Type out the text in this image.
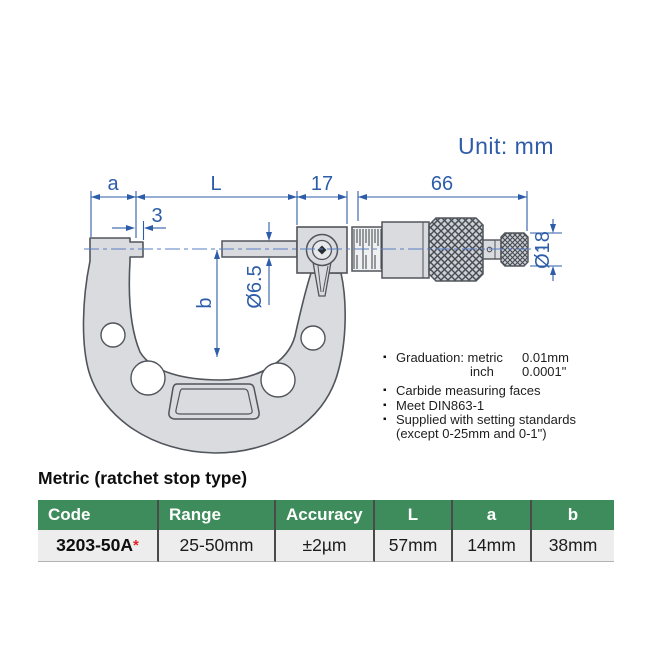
a	L	17	66
3
Ø6.5
b
Ø18
Unit: mm
▪ Graduation: metric	0.01mm
inch	0.0001"
▪ Carbide measuring faces
▪ Meet DIN863-1
▪ Supplied with setting standards
(except 0-25mm and 0-1")
Metric (ratchet stop type)
Code	Range	Accuracy	L	a	b
3203-50A *	25-50mm	±2µm	57mm	14mm	38mm
